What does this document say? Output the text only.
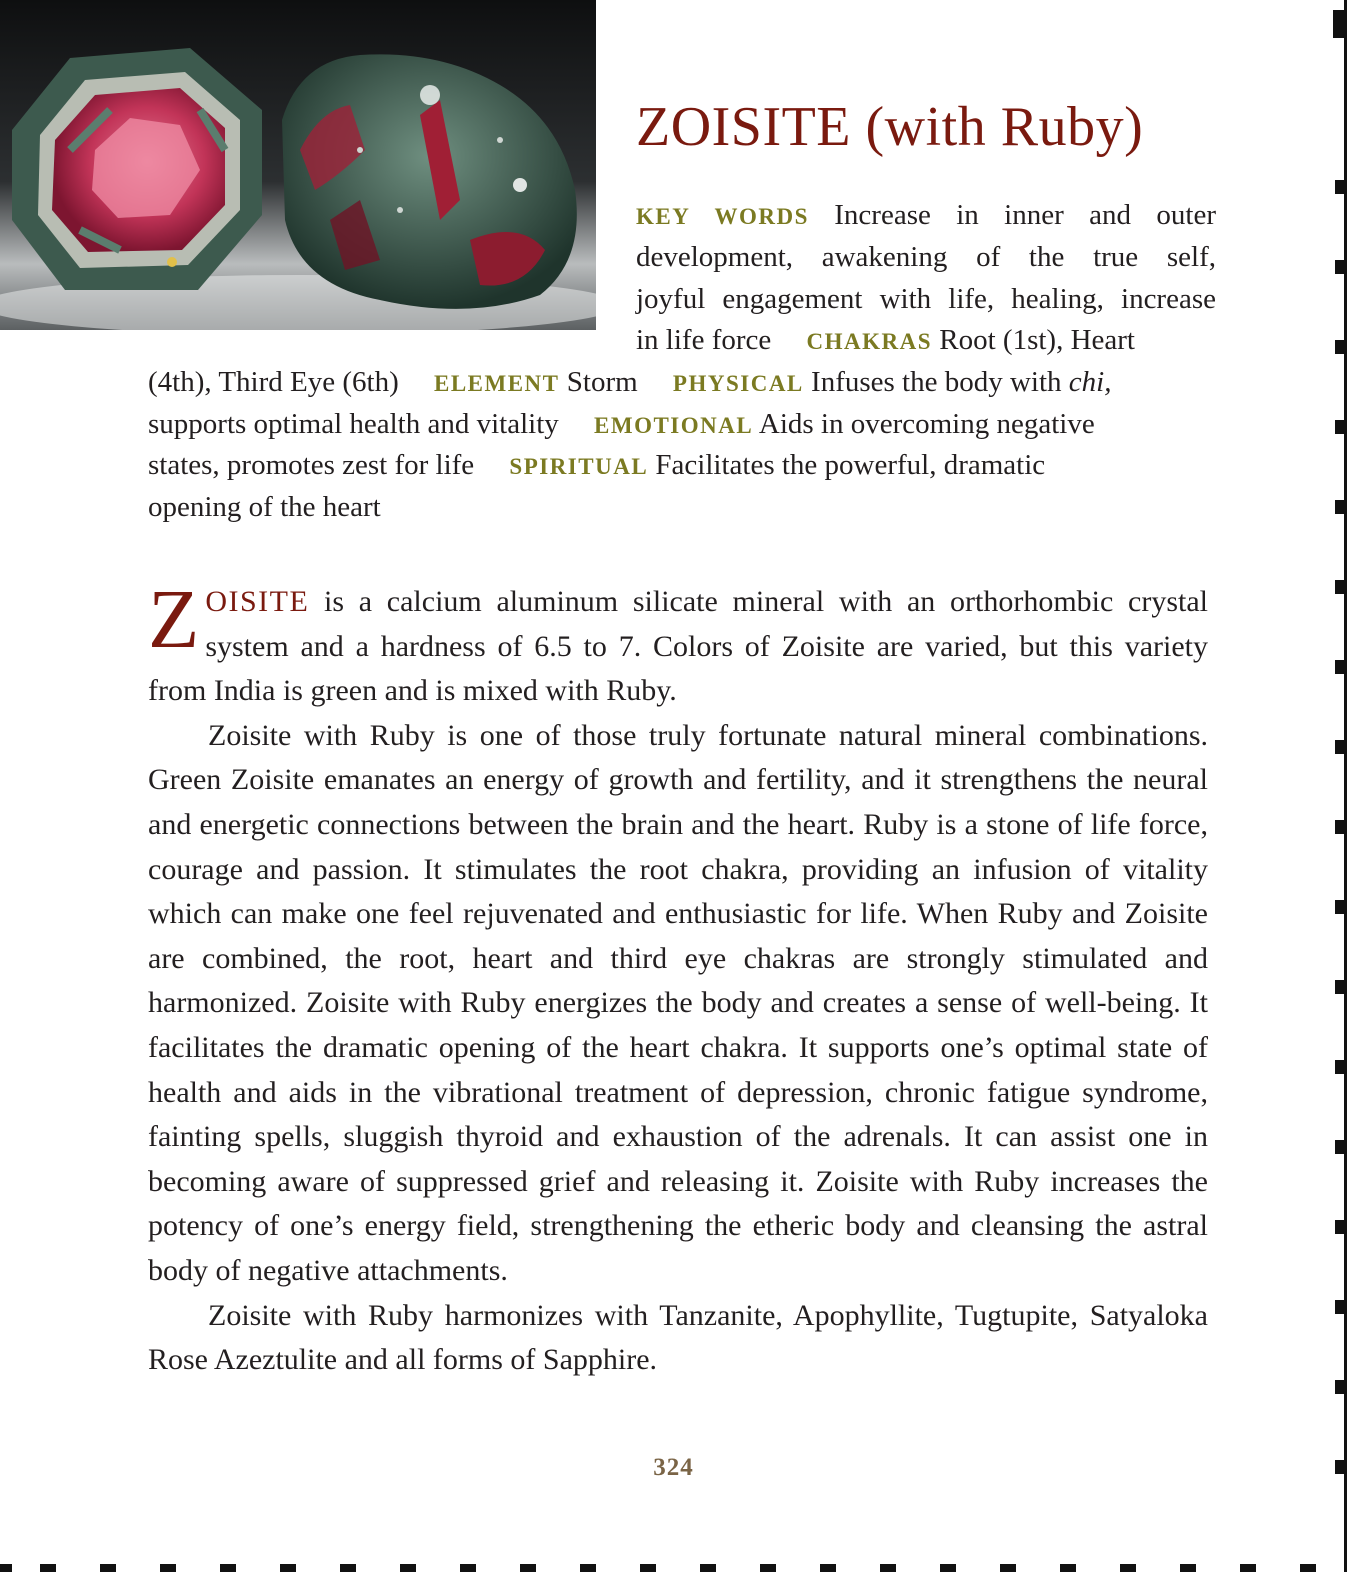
ZOISITE (with Ruby)
KEY WORDS Increase in inner and outer
development, awakening of the true self,
joyful engagement with life, healing, increase
in life force CHAKRAS Root (1st), Heart
(4th), Third Eye (6th) ELEMENT Storm PHYSICAL Infuses the body with chi,
supports optimal health and vitality EMOTIONAL Aids in overcoming negative
states, promotes zest for life SPIRITUAL Facilitates the powerful, dramatic
opening of the heart

ZOISITE is a calcium aluminum silicate mineral with an orthorhombic crystal system and a hardness of 6.5 to 7. Colors of Zoisite are varied, but this variety from India is green and is mixed with Ruby.

Zoisite with Ruby is one of those truly fortunate natural mineral combinations. Green Zoisite emanates an energy of growth and fertility, and it strengthens the neural and energetic connections between the brain and the heart. Ruby is a stone of life force, courage and passion. It stimulates the root chakra, providing an infusion of vitality which can make one feel rejuvenated and enthusiastic for life. When Ruby and Zoisite are combined, the root, heart and third eye chakras are strongly stimulated and harmonized. Zoisite with Ruby energizes the body and creates a sense of well-being. It facilitates the dramatic opening of the heart chakra. It supports one’s optimal state of health and aids in the vibrational treatment of depression, chronic fatigue syndrome, fainting spells, sluggish thyroid and exhaustion of the adrenals. It can assist one in becoming aware of suppressed grief and releasing it. Zoisite with Ruby increases the potency of one’s energy field, strengthening the etheric body and cleansing the astral body of negative attachments.

Zoisite with Ruby harmonizes with Tanzanite, Apophyllite, Tugtupite, Satyaloka Rose Azeztulite and all forms of Sapphire.

324
